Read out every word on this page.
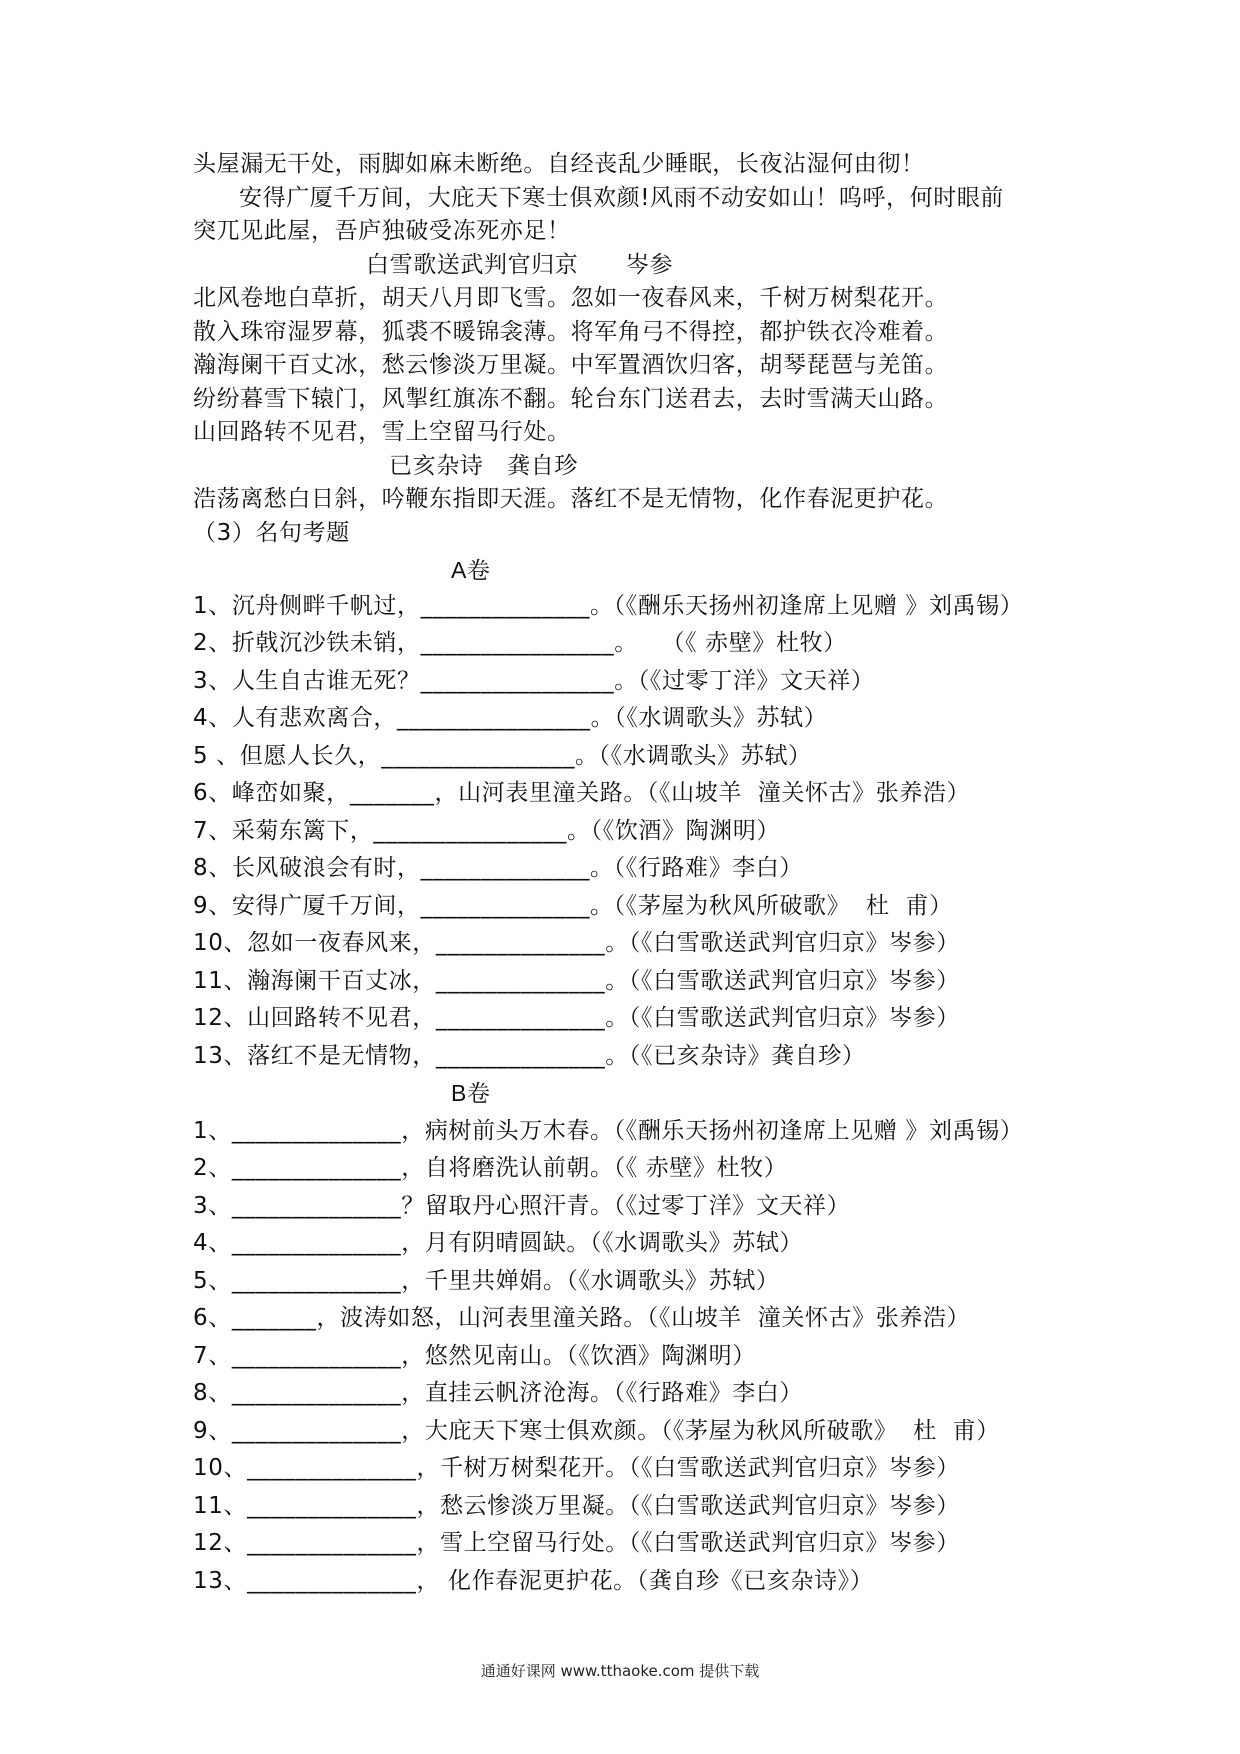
头屋漏无干处，雨脚如麻未断绝。自经丧乱少睡眠，长夜沾湿何由彻！
安得广厦千万间，大庇天下寒士俱欢颜!风雨不动安如山！呜呼，何时眼前
突兀见此屋，吾庐独破受冻死亦足！
白雪歌送武判官归京      岑参
北风卷地白草折，胡天八月即飞雪。忽如一夜春风来，千树万树梨花开。
散入珠帘湿罗幕，狐裘不暖锦衾薄。将军角弓不得控，都护铁衣冷难着。
瀚海阑干百丈冰，愁云惨淡万里凝。中军置酒饮归客，胡琴琵琶与羌笛。
纷纷暮雪下辕门，风掣红旗冻不翻。轮台东门送君去，去时雪满天山路。
山回路转不见君，雪上空留马行处。
已亥杂诗   龚自珍
浩荡离愁白日斜，吟鞭东指即天涯。落红不是无情物，化作春泥更护花。
（3）名句考题
A卷
1、沉舟侧畔千帆过，______________。（《酬乐天扬州初逢席上见赠 》刘禹锡）
2、折戟沉沙铁未销，________________。   （《 赤壁》杜牧）
3、人生自古谁无死？________________。（《过零丁洋》文天祥）
4、人有悲欢离合，________________。（《水调歌头》苏轼）
5 、但愿人长久，________________。（《水调歌头》苏轼）
6、峰峦如聚，_______，山河表里潼关路。（《山坡羊  潼关怀古》张养浩）
7、采菊东篱下，________________。（《饮酒》陶渊明）
8、长风破浪会有时，______________。（《行路难》李白）
9、安得广厦千万间，______________。（《茅屋为秋风所破歌》  杜  甫）
10、忽如一夜春风来，______________。（《白雪歌送武判官归京》岑参）
11、瀚海阑干百丈冰，______________。（《白雪歌送武判官归京》岑参）
12、山回路转不见君，______________。（《白雪歌送武判官归京》岑参）
13、落红不是无情物，______________。（《已亥杂诗》龚自珍）
B卷
1、______________，病树前头万木春。（《酬乐天扬州初逢席上见赠 》刘禹锡）
2、______________，自将磨洗认前朝。（《 赤壁》杜牧）
3、______________？留取丹心照汗青。（《过零丁洋》文天祥）
4、______________，月有阴晴圆缺。（《水调歌头》苏轼）
5、______________，千里共婵娟。（《水调歌头》苏轼）
6、_______，波涛如怒，山河表里潼关路。（《山坡羊  潼关怀古》张养浩）
7、______________，悠然见南山。（《饮酒》陶渊明）
8、______________，直挂云帆济沧海。（《行路难》李白）
9、______________，大庇天下寒士俱欢颜。（《茅屋为秋风所破歌》  杜  甫）
10、______________，千树万树梨花开。（《白雪歌送武判官归京》岑参）
11、______________，愁云惨淡万里凝。（《白雪歌送武判官归京》岑参）
12、______________，雪上空留马行处。（《白雪歌送武判官归京》岑参）
13、______________， 化作春泥更护花。（龚自珍《已亥杂诗》）
通通好课网 www.tthaoke.com 提供下载
